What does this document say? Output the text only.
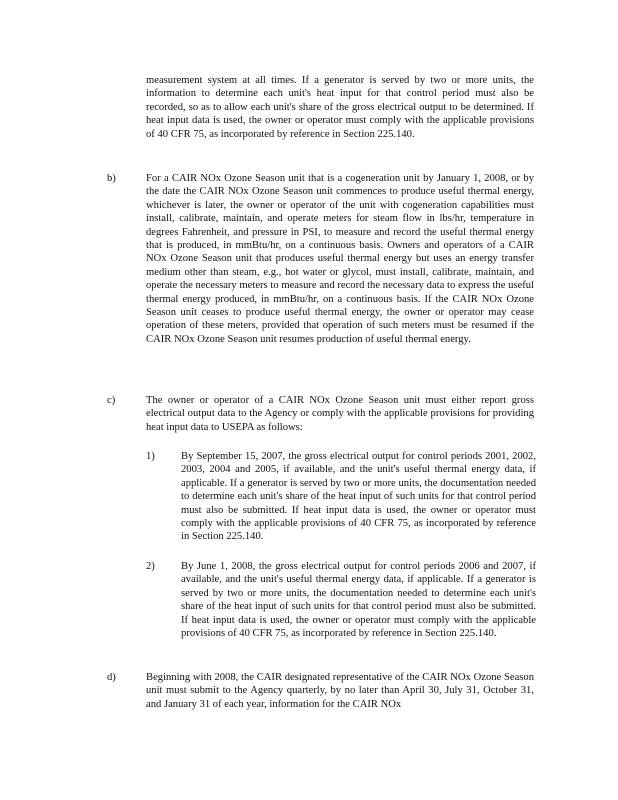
measurement system at all times. If a generator is served by two or more units, the information to determine each unit's heat input for that control period must also be recorded, so as to allow each unit's share of the gross electrical output to be determined. If heat input data is used, the owner or operator must comply with the applicable provisions of 40 CFR 75, as incorporated by reference in Section 225.140.

b)	For a CAIR NOx Ozone Season unit that is a cogeneration unit by January 1, 2008, or by the date the CAIR NOx Ozone Season unit commences to produce useful thermal energy, whichever is later, the owner or operator of the unit with cogeneration capabilities must install, calibrate, maintain, and operate meters for steam flow in lbs/hr, temperature in degrees Fahrenheit, and pressure in PSI, to measure and record the useful thermal energy that is produced, in mmBtu/hr, on a continuous basis. Owners and operators of a CAIR NOx Ozone Season unit that produces useful thermal energy but uses an energy transfer medium other than steam, e.g., hot water or glycol, must install, calibrate, maintain, and operate the necessary meters to measure and record the necessary data to express the useful thermal energy produced, in mmBtu/hr, on a continuous basis. If the CAIR NOx Ozone Season unit ceases to produce useful thermal energy, the owner or operator may cease operation of these meters, provided that operation of such meters must be resumed if the CAIR NOx Ozone Season unit resumes production of useful thermal energy.

c)	The owner or operator of a CAIR NOx Ozone Season unit must either report gross electrical output data to the Agency or comply with the applicable provisions for providing heat input data to USEPA as follows:

1)	By September 15, 2007, the gross electrical output for control periods 2001, 2002, 2003, 2004 and 2005, if available, and the unit's useful thermal energy data, if applicable. If a generator is served by two or more units, the documentation needed to determine each unit's share of the heat input of such units for that control period must also be submitted. If heat input data is used, the owner or operator must comply with the applicable provisions of 40 CFR 75, as incorporated by reference in Section 225.140.

2)	By June 1, 2008, the gross electrical output for control periods 2006 and 2007, if available, and the unit's useful thermal energy data, if applicable. If a generator is served by two or more units, the documentation needed to determine each unit's share of the heat input of such units for that control period must also be submitted. If heat input data is used, the owner or operator must comply with the applicable provisions of 40 CFR 75, as incorporated by reference in Section 225.140.

d)	Beginning with 2008, the CAIR designated representative of the CAIR NOx Ozone Season unit must submit to the Agency quarterly, by no later than April 30, July 31, October 31, and January 31 of each year, information for the CAIR NOx
